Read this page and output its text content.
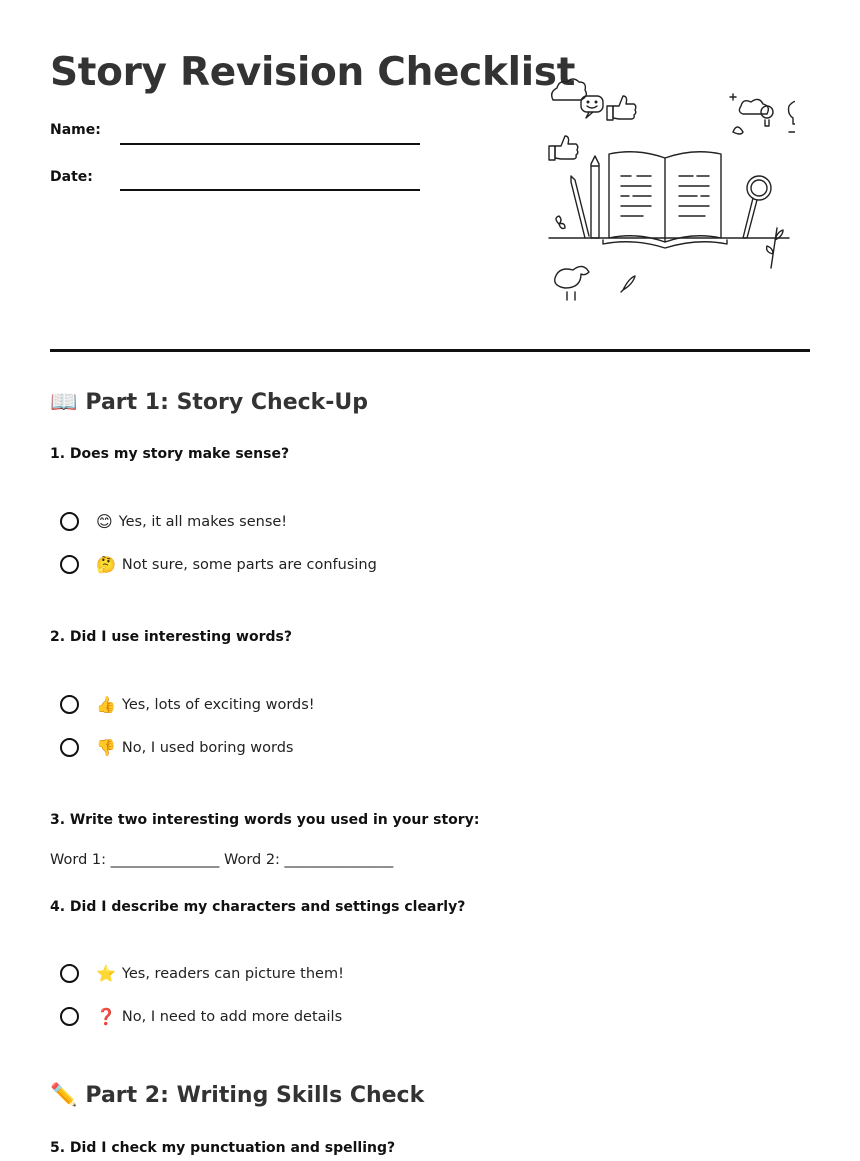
Story Revision Checklist
Name:
Date:
📖 Part 1: Story Check-Up
1. Does my story make sense?
😊 Yes, it all makes sense!
🤔 Not sure, some parts are confusing
2. Did I use interesting words?
👍 Yes, lots of exciting words!
👎 No, I used boring words
3. Write two interesting words you used in your story:
Word 1: _______________ Word 2: _______________
4. Did I describe my characters and settings clearly?
⭐ Yes, readers can picture them!
❓ No, I need to add more details
✏️ Part 2: Writing Skills Check
5. Did I check my punctuation and spelling?
